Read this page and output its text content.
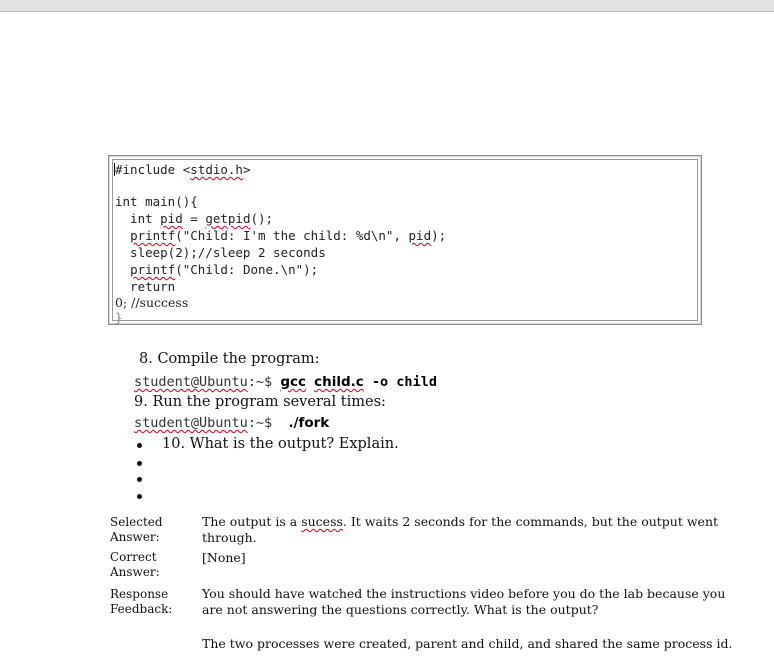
#include <stdio.h>
int main(){
int pid = getpid();
printf("Child: I'm the child: %d\n", pid);
sleep(2);//sleep 2 seconds
printf("Child: Done.\n");
return
0; //success
}
8. Compile the program:
student@Ubuntu:~$ gcc child.c -o child
9. Run the program several times:
student@Ubuntu:~$  ./fork
10. What is the output? Explain.
Selected Answer:
The output is a sucess. It waits 2 seconds for the commands, but the output went through.
Correct Answer:
[None]
Response Feedback:

You should have watched the instructions video before you do the lab because you are not answering the questions correctly. What is the output?

The two processes were created, parent and child, and shared the same process id.
